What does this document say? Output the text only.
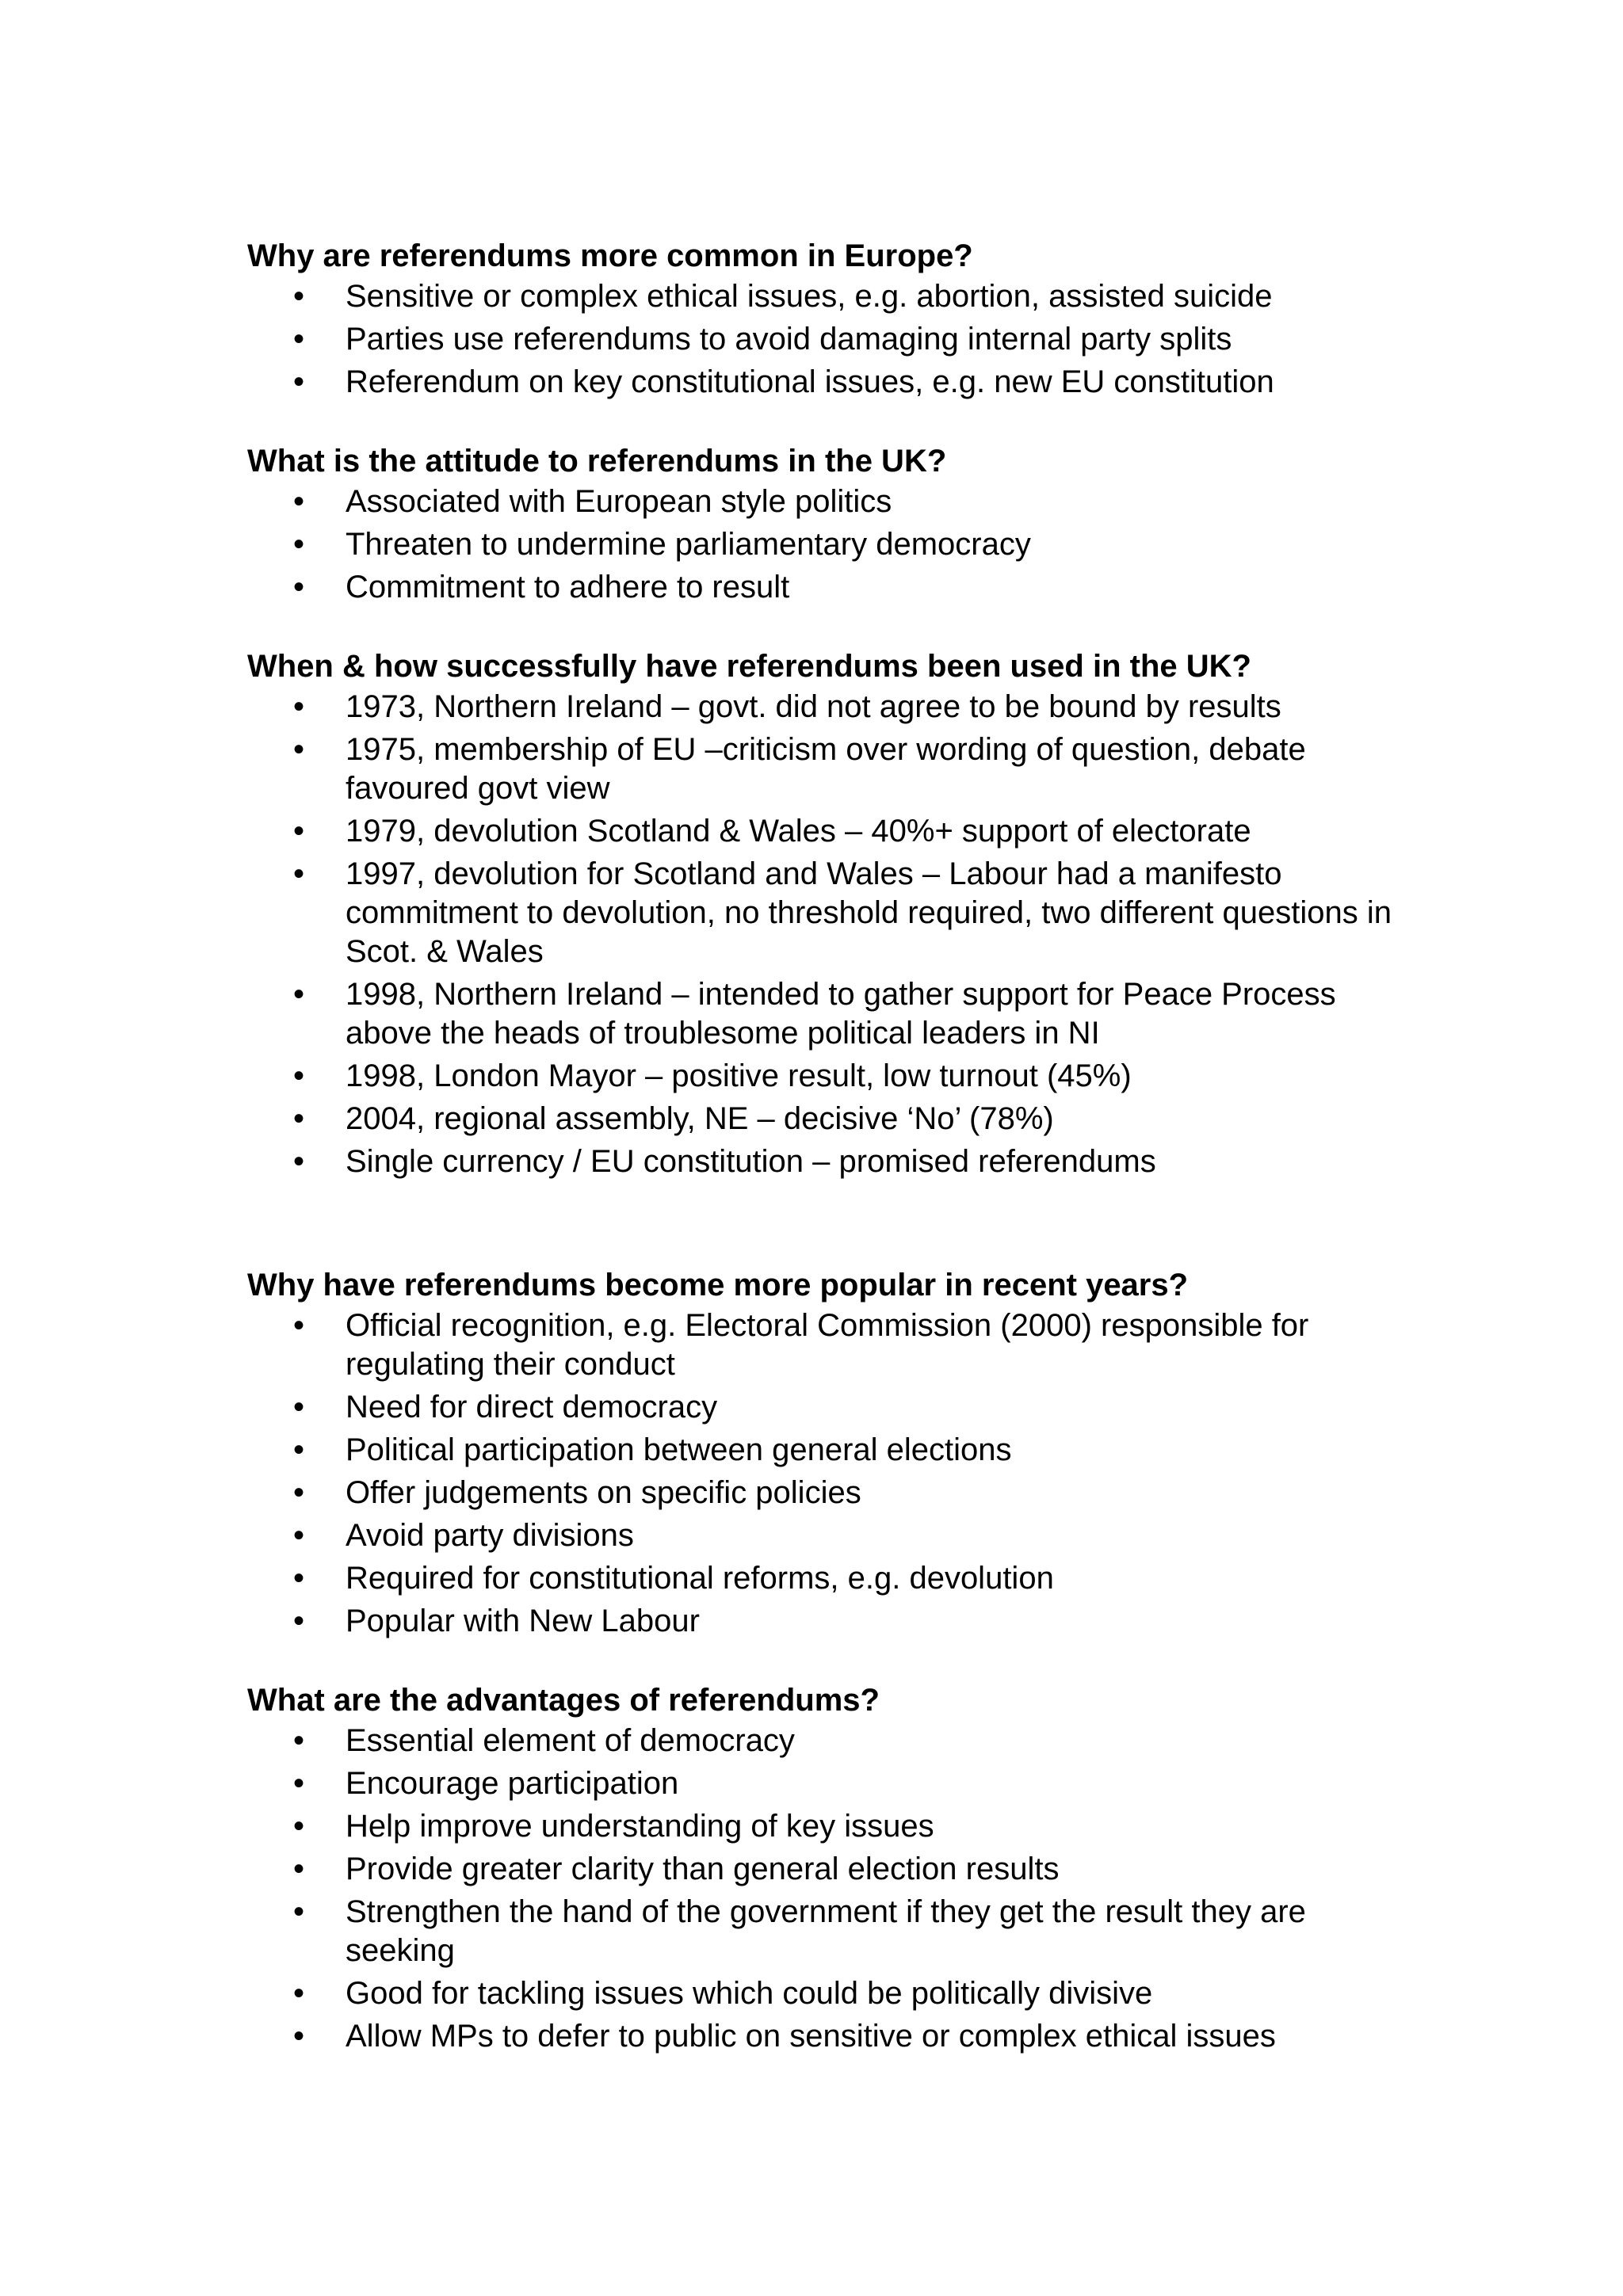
Why are referendums more common in Europe?
• Sensitive or complex ethical issues, e.g. abortion, assisted suicide
• Parties use referendums to avoid damaging internal party splits
• Referendum on key constitutional issues, e.g. new EU constitution
What is the attitude to referendums in the UK?
• Associated with European style politics
• Threaten to undermine parliamentary democracy
• Commitment to adhere to result
When & how successfully have referendums been used in the UK?
• 1973, Northern Ireland – govt. did not agree to be bound by results
• 1975, membership of EU –criticism over wording of question, debate favoured govt view
• 1979, devolution Scotland & Wales – 40%+ support of electorate
• 1997, devolution for Scotland and Wales – Labour had a manifesto commitment to devolution, no threshold required, two different questions in Scot. & Wales
• 1998, Northern Ireland – intended to gather support for Peace Process above the heads of troublesome political leaders in NI
• 1998, London Mayor – positive result, low turnout (45%)
• 2004, regional assembly, NE – decisive ‘No’ (78%)
• Single currency / EU constitution – promised referendums
Why have referendums become more popular in recent years?
• Official recognition, e.g. Electoral Commission (2000) responsible for regulating their conduct
• Need for direct democracy
• Political participation between general elections
• Offer judgements on specific policies
• Avoid party divisions
• Required for constitutional reforms, e.g. devolution
• Popular with New Labour
What are the advantages of referendums?
• Essential element of democracy
• Encourage participation
• Help improve understanding of key issues
• Provide greater clarity than general election results
• Strengthen the hand of the government if they get the result they are seeking
• Good for tackling issues which could be politically divisive
• Allow MPs to defer to public on sensitive or complex ethical issues
